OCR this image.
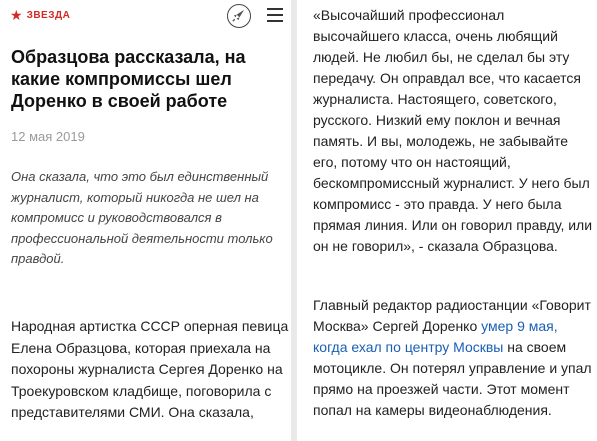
★ ЗВЕЗДА
Образцова рассказала, на какие компромиссы шел Доренко в своей работе
12 мая 2019

Она сказала, что это был единственный журналист, который никогда не шел на компромисс и руководствовался в профессиональной деятельности только правдой.

Народная артистка СССР оперная певица Елена Образцова, которая приехала на похороны журналиста Сергея Доренко на Троекуровском кладбище, поговорила с представителями СМИ. Она сказала,

«Высочайший профессионал высочайшего класса, очень любящий людей. Не любил бы, не сделал бы эту передачу. Он оправдал все, что касается журналиста. Настоящего, советского, русского. Низкий ему поклон и вечная память. И вы, молодежь, не забывайте его, потому что он настоящий, бескомпромиссный журналист. У него был компромисс - это правда. У него была прямая линия. Или он говорил правду, или он не говорил», - сказала Образцова.

Главный редактор радиостанции «Говорит Москва» Сергей Доренко умер 9 мая, когда ехал по центру Москвы на своем мотоцикле. Он потерял управление и упал прямо на проезжей части. Этот момент попал на камеры видеонаблюдения.
